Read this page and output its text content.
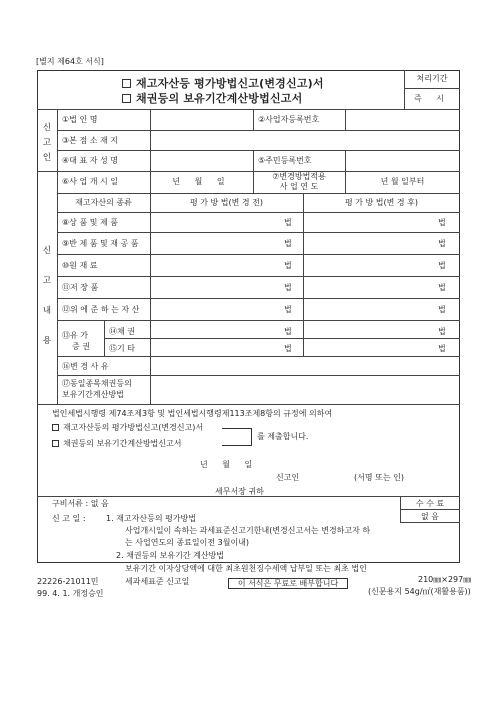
[별지 제64호 서식]
재고자산등 평가방법신고(변경신고)서
채권등의 보유기간계산방법신고서
처리기간
즉 시
신
고
인
①법 인 명	②사업자등록번호
③본 점 소 재 지
④대 표 자 성 명	⑤주민등록번호
신
고
내
용
⑥사 업 개 시 일	년 월 일
⑦변경방법적용
사 업 연 도
년 월 일부터
재고자산의 종류	평 가 방 법(변 경 전)	평 가 방 법(변 경 후)
⑧상 품 및 제 품	법	법
⑨반 제 품 및 재 공 품	법	법
⑩원 재 료	법	법
⑪저 장 품	법	법
⑫위 에 준 하 는 자 산	법	법
⑬유 가
증 권
⑭채 권	법	법
⑮기 타	법	법
⑯변 경 사 유
⑰동일종목채권등의
보유기간계산방법
법인세법시행령 제74조제3항 및 법인세법시행령제113조제8항의 규정에 의하여
재고자산등의 평가방법신고(변경신고)서
채권등의 보유기간계산방법신고서
를 제출합니다.
년 월 일
신고인	(서명 또는 인)
세무서장 귀하
구비서류 : 없 음	수 수 료
없 음
신 고 일 :	1. 재고자산등의 평가방법
사업개시일이 속하는 과세표준신고기한내(변경신고서는 변경하고자 하
는 사업연도의 종료일이전 3월이내)
2. 채권등의 보유기간 계산방법
보유기간 이자상당액에 대한 최초원천징수세액 납부일 또는 최초 법인
세과세표준 신고일
22226-21011민
99. 4. 1. 개정승인
이 서식은 무료로 배부합니다	210㎜×297㎜
(신문용지 54g/㎡(재활용품))
